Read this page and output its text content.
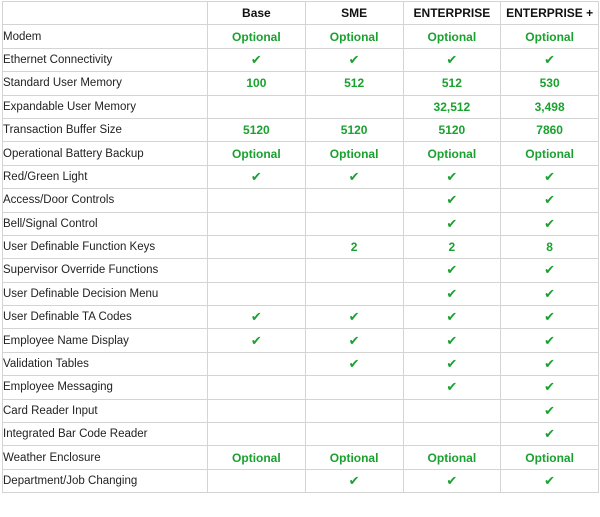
	Base	SME	ENTERPRISE	ENTERPRISE +
Modem	Optional	Optional	Optional	Optional
Ethernet Connectivity	✔	✔	✔	✔
Standard User Memory	100	512	512	530
Expandable User Memory			32,512	3,498
Transaction Buffer Size	5120	5120	5120	7860
Operational Battery Backup	Optional	Optional	Optional	Optional
Red/Green Light	✔	✔	✔	✔
Access/Door Controls			✔	✔
Bell/Signal Control			✔	✔
User Definable Function Keys		2	2	8
Supervisor Override Functions			✔	✔
User Definable Decision Menu			✔	✔
User Definable TA Codes	✔	✔	✔	✔
Employee Name Display	✔	✔	✔	✔
Validation Tables		✔	✔	✔
Employee Messaging			✔	✔
Card Reader Input				✔
Integrated Bar Code Reader				✔
Weather Enclosure	Optional	Optional	Optional	Optional
Department/Job Changing		✔	✔	✔
